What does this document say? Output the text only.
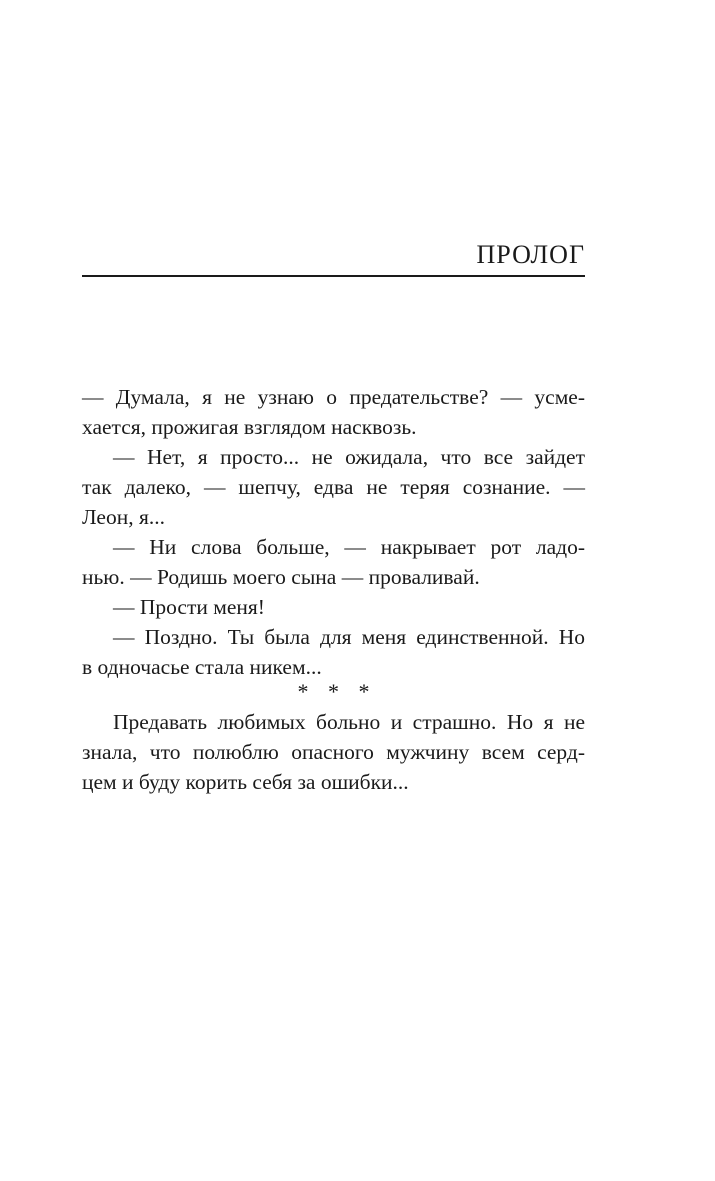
ПРОЛОГ
— Думала, я не узнаю о предательстве? — усме-
хается, прожигая взглядом насквозь.
— Нет, я просто... не ожидала, что все зайдет
так далеко, — шепчу, едва не теряя сознание. —
Леон, я...
— Ни слова больше, — накрывает рот ладо-
нью. — Родишь моего сына — проваливай.
— Прости меня!
— Поздно. Ты была для меня единственной. Но
в одночасье стала никем...
* * *
Предавать любимых больно и страшно. Но я не
знала, что полюблю опасного мужчину всем серд-
цем и буду корить себя за ошибки...
